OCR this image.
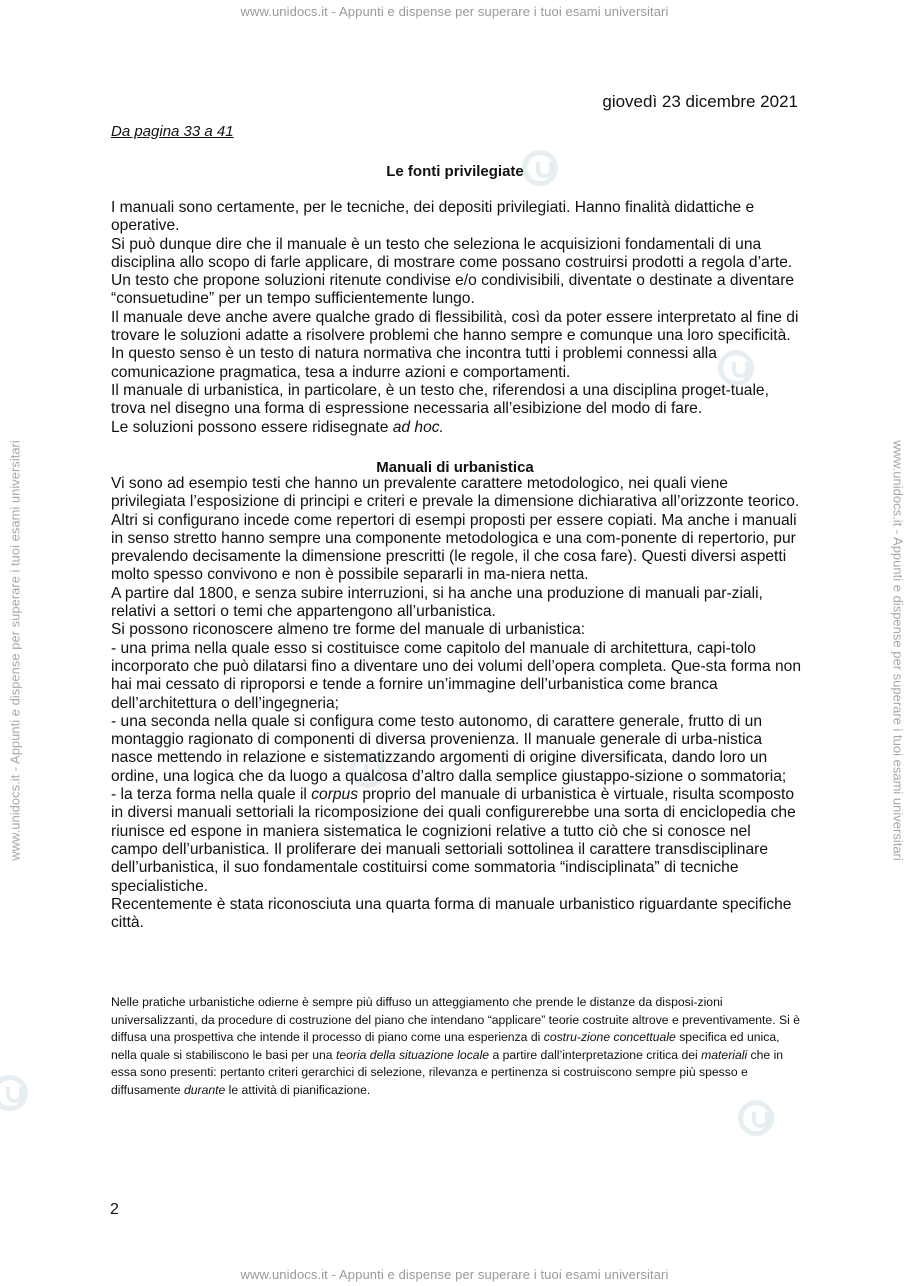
www.unidocs.it - Appunti e dispense per superare i tuoi esami universitari
www.unidocs.it - Appunti e dispense per superare i tuoi esami universitari
www.unidocs.it - Appunti e dispense per superare i tuoi esami universitari	www.unidocs.it - Appunti e dispense per superare i tuoi esami universitari
giovedì 23 dicembre 2021
Da pagina 33 a 41
Le fonti privilegiate

I manuali sono certamente, per le tecniche, dei depositi privilegiati. Hanno finalità didattiche e operative.

Si può dunque dire che il manuale è un testo che seleziona le acquisizioni fondamentali di una disciplina allo scopo di farle applicare, di mostrare come possano costruirsi prodotti a regola d’arte. Un testo che propone soluzioni ritenute condivise e/o condivisibili, diventate o destinate a diventare “consuetudine” per un tempo sufficientemente lungo.

Il manuale deve anche avere qualche grado di flessibilità, così da poter essere interpretato al fine di trovare le soluzioni adatte a risolvere problemi che hanno sempre e comunque una loro specificità. In questo senso è un testo di natura normativa che incontra tutti i problemi connessi alla comunicazione pragmatica, tesa a indurre azioni e comportamenti.

Il manuale di urbanistica, in particolare, è un testo che, riferendosi a una disciplina proget-tuale, trova nel disegno una forma di espressione necessaria all’esibizione del modo di fare.

Le soluzioni possono essere ridisegnate ad hoc.

Manuali di urbanistica

Vi sono ad esempio testi che hanno un prevalente carattere metodologico, nei quali viene privilegiata l’esposizione di principi e criteri e prevale la dimensione dichiarativa all’orizzonte teorico. Altri si configurano incede come repertori di esempi proposti per essere copiati. Ma anche i manuali in senso stretto hanno sempre una componente metodologica e una com-ponente di repertorio, pur prevalendo decisamente la dimensione prescritti (le regole, il che cosa fare). Questi diversi aspetti molto spesso convivono e non è possibile separarli in ma-niera netta.

A partire dal 1800, e senza subire interruzioni, si ha anche una produzione di manuali par-ziali, relativi a settori o temi che appartengono all’urbanistica.

Si possono riconoscere almeno tre forme del manuale di urbanistica:

- una prima nella quale esso si costituisce come capitolo del manuale di architettura, capi-tolo incorporato che può dilatarsi fino a diventare uno dei volumi dell’opera completa. Que-sta forma non hai mai cessato di riproporsi e tende a fornire un’immagine dell’urbanistica come branca dell’architettura o dell’ingegneria;

- una seconda nella quale si configura come testo autonomo, di carattere generale, frutto di un montaggio ragionato di componenti di diversa provenienza. Il manuale generale di urba-nistica nasce mettendo in relazione e sistematizzando argomenti di origine diversificata, dando loro un ordine, una logica che da luogo a qualcosa d’altro dalla semplice giustappo-sizione o sommatoria;

- la terza forma nella quale il corpus proprio del manuale di urbanistica è virtuale, risulta scomposto in diversi manuali settoriali la ricomposizione dei quali configurerebbe una sorta di enciclopedia che riunisce ed espone in maniera sistematica le cognizioni relative a tutto ciò che si conosce nel campo dell’urbanistica. Il proliferare dei manuali settoriali sottolinea il carattere transdisciplinare dell’urbanistica, il suo fondamentale costituirsi come sommatoria “indisciplinata” di tecniche specialistiche.

Recentemente è stata riconosciuta una quarta forma di manuale urbanistico riguardante specifiche città.

Nelle pratiche urbanistiche odierne è sempre più diffuso un atteggiamento che prende le distanze da disposi-zioni universalizzanti, da procedure di costruzione del piano che intendano “applicare” teorie costruite altrove e preventivamente. Si è diffusa una prospettiva che intende il processo di piano come una esperienza di costru-zione concettuale specifica ed unica, nella quale si stabiliscono le basi per una teoria della situazione locale a partire dall’interpretazione critica dei materiali che in essa sono presenti: pertanto criteri gerarchici di selezione, rilevanza e pertinenza si costruiscono sempre più spesso e diffusamente durante le attività di pianificazione.
2
